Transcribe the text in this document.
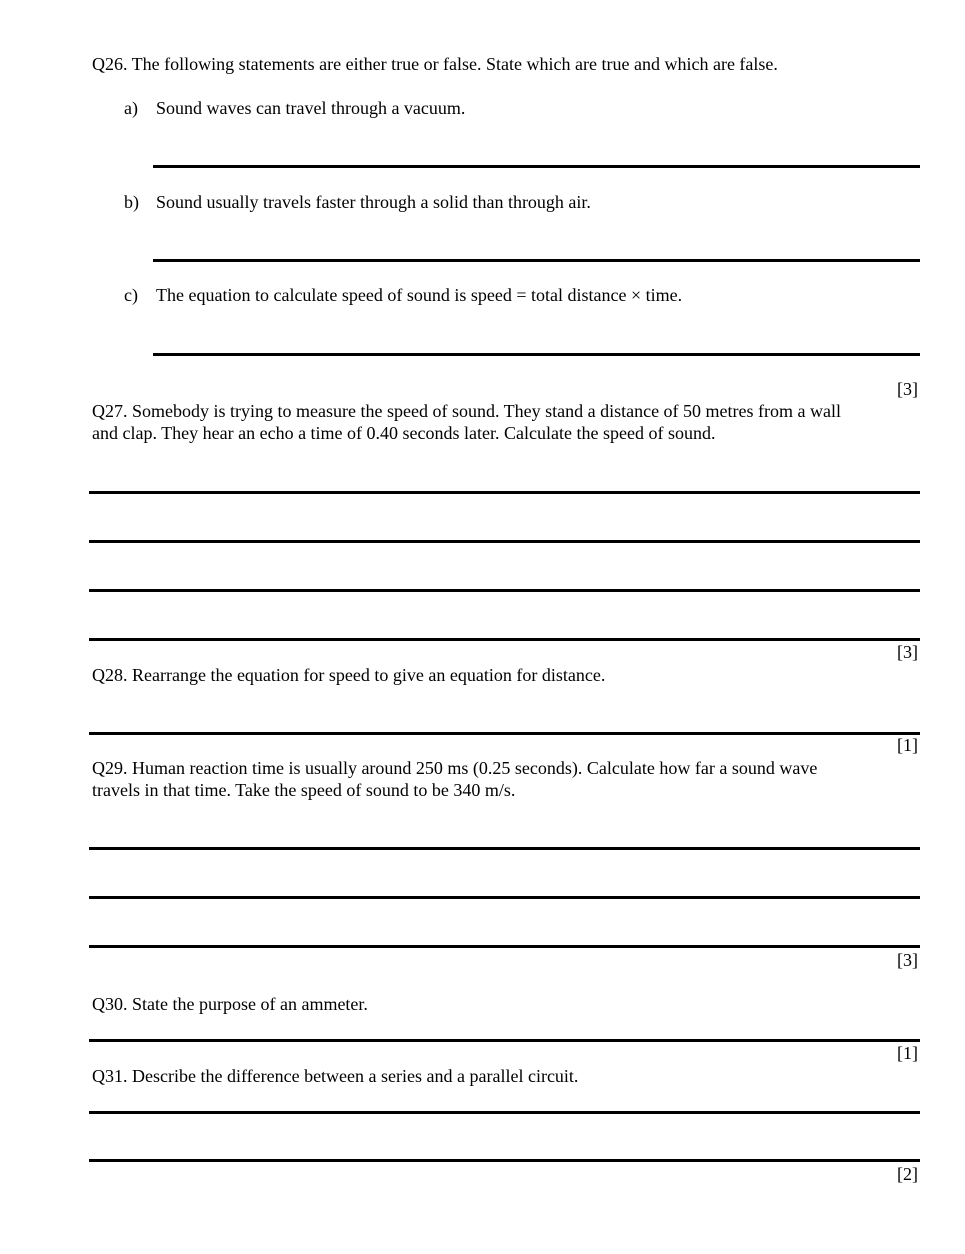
Q26. The following statements are either true or false. State which are true and which are false.
a) Sound waves can travel through a vacuum.
b) Sound usually travels faster through a solid than through air.
c) The equation to calculate speed of sound is speed = total distance × time.
[3]
Q27. Somebody is trying to measure the speed of sound. They stand a distance of 50 metres from a wall
and clap. They hear an echo a time of 0.40 seconds later. Calculate the speed of sound.
[3]
Q28. Rearrange the equation for speed to give an equation for distance.
[1]
Q29. Human reaction time is usually around 250 ms (0.25 seconds). Calculate how far a sound wave
travels in that time. Take the speed of sound to be 340 m/s.
[3]
Q30. State the purpose of an ammeter.
[1]
Q31. Describe the difference between a series and a parallel circuit.
[2]
